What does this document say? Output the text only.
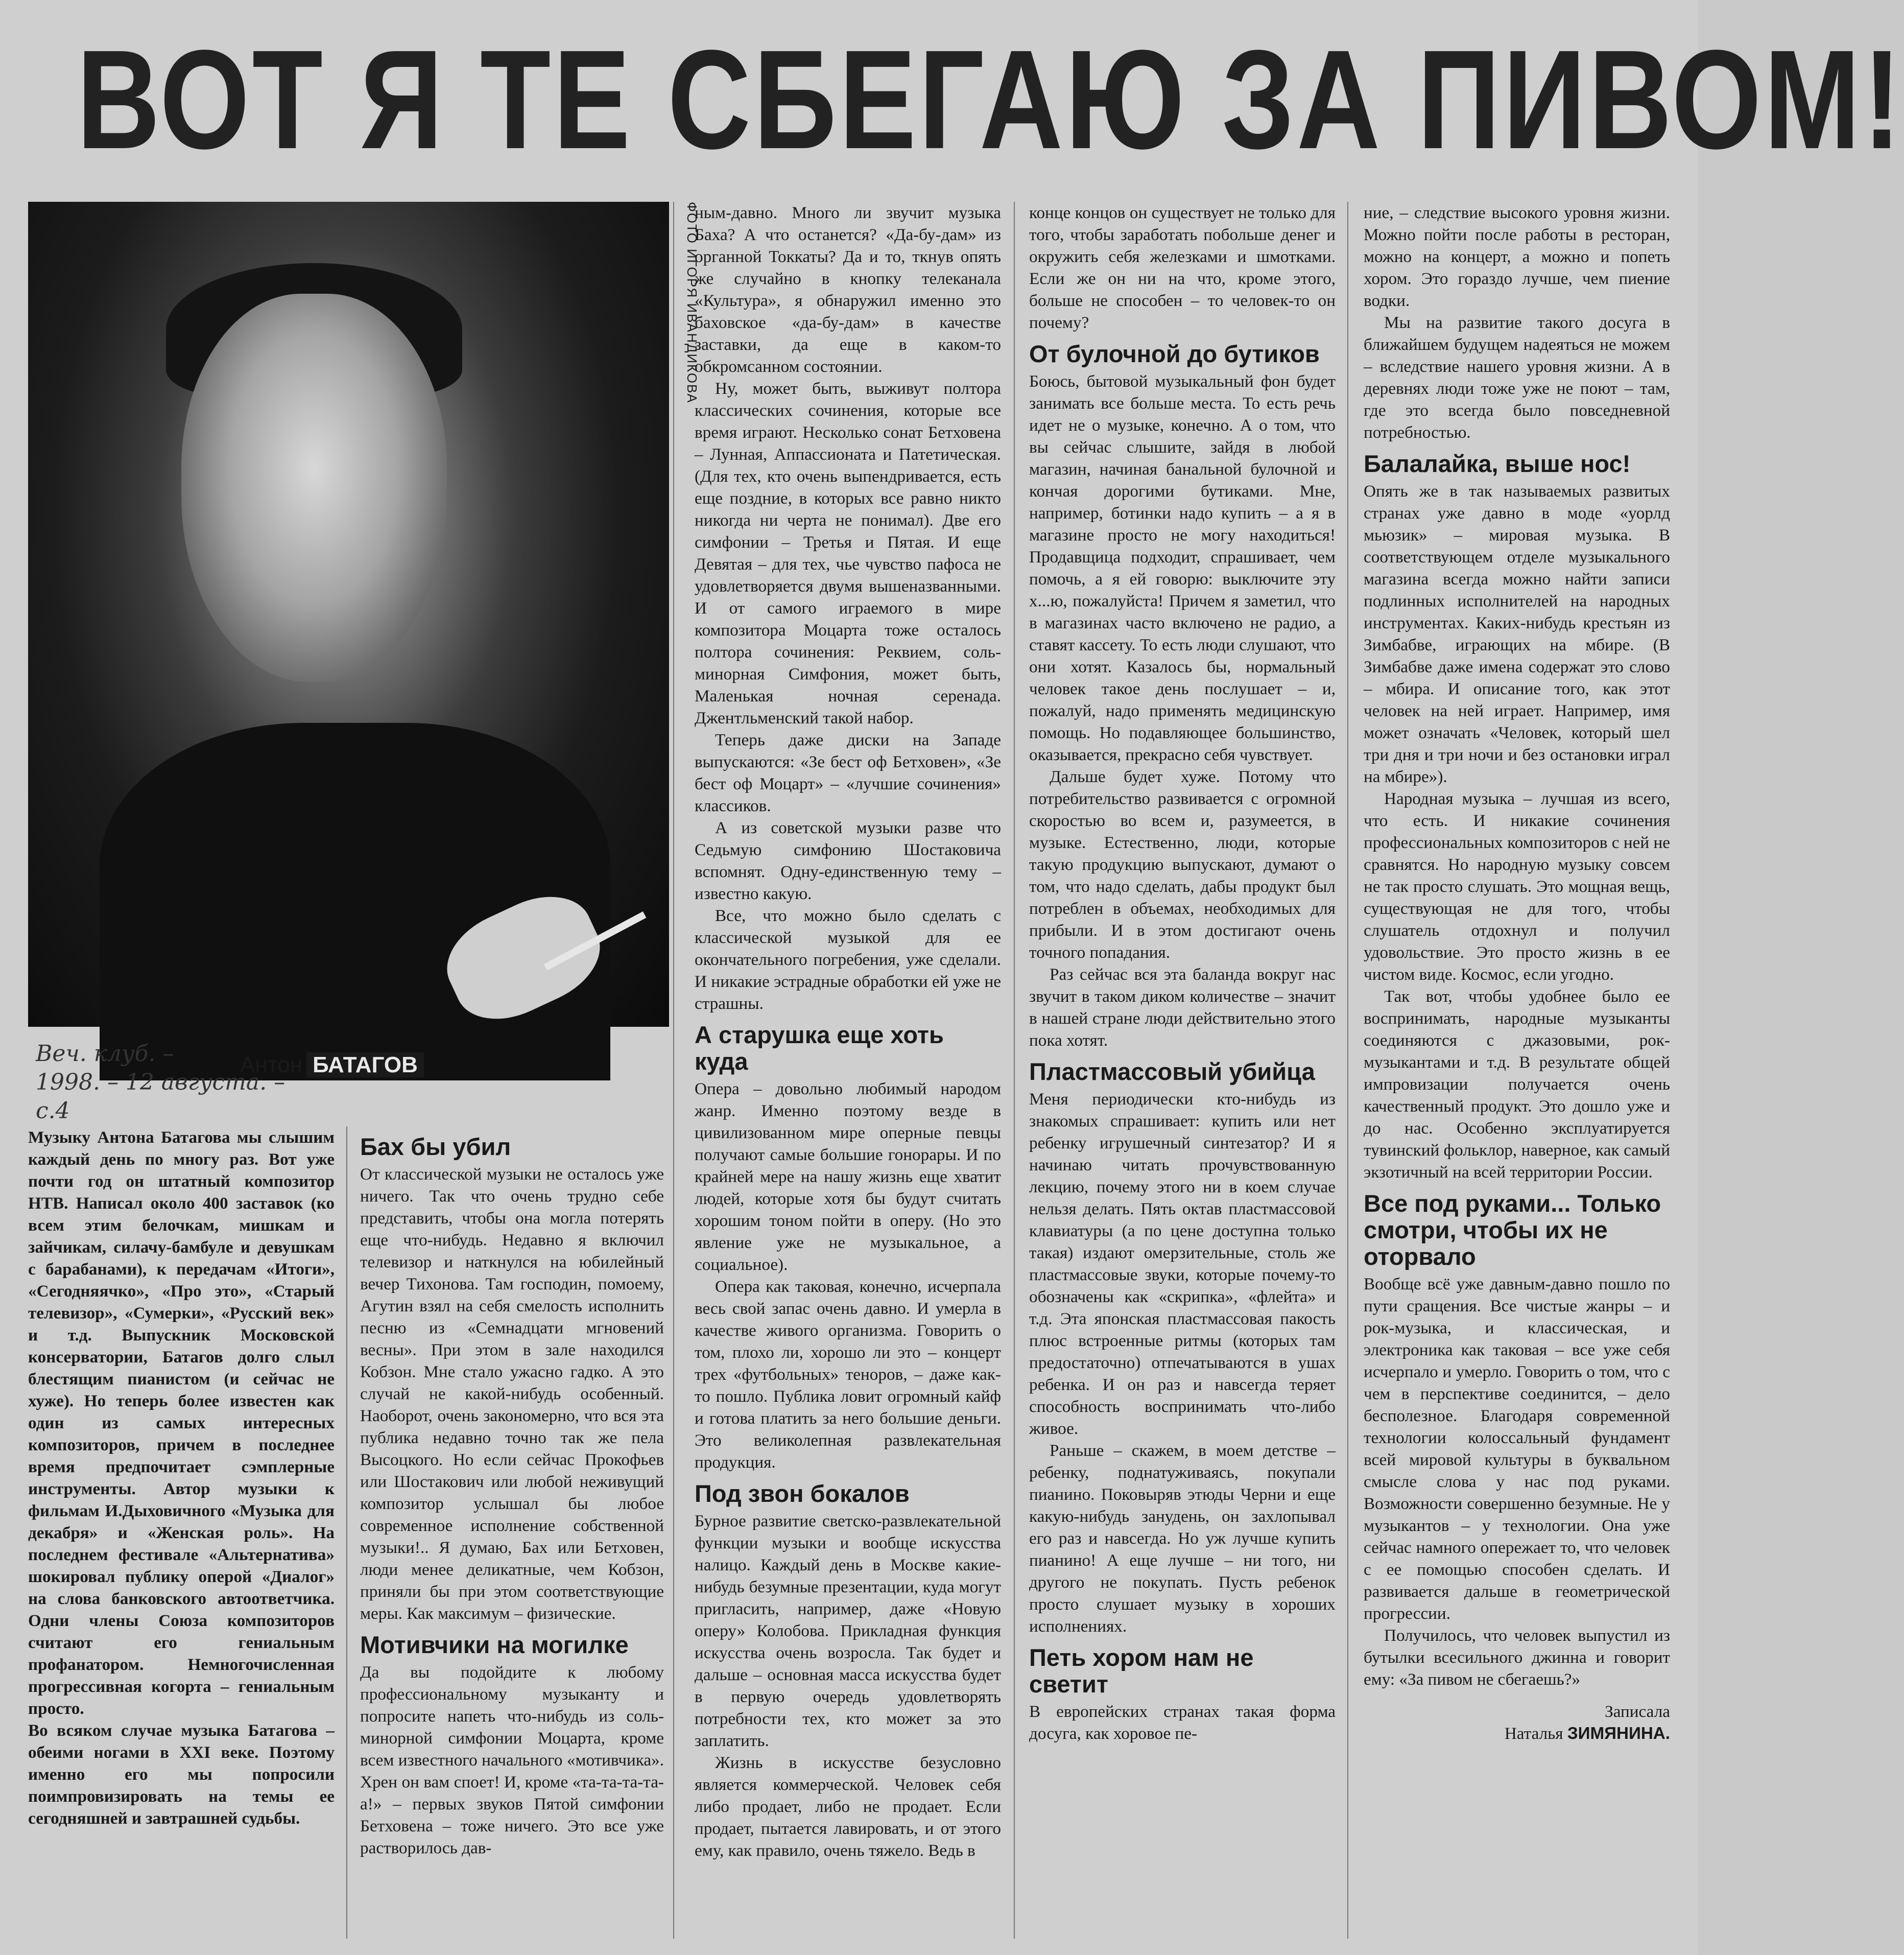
ВОТ Я ТЕ СБЕГАЮ ЗА ПИВОМ!
ФОТО ИГОРЯ ИВАНДИКОВА
Веч. клуб. –
1998. – 12 августа. – с.4
Антон БАТАГОВ

Музыку Антона Батагова мы слышим каждый день по многу раз. Вот уже почти год он штатный композитор НТВ. Написал около 400 заставок (ко всем этим белочкам, мишкам и зайчикам, силачу-бамбуле и девушкам с барабанами), к передачам «Итоги», «Сегодняячко», «Про это», «Старый телевизор», «Сумерки», «Русский век» и т.д. Выпускник Московской консерватории, Батагов долго слыл блестящим пианистом (и сейчас не хуже). Но теперь более известен как один из самых интересных композиторов, причем в последнее время предпочитает сэмплерные инструменты. Автор музыки к фильмам И.Дыховичного «Музыка для декабря» и «Женская роль». На последнем фестивале «Альтернатива» шокировал публику оперой «Диалог» на слова банковского автоответчика. Одни члены Союза композиторов считают его гениальным профанатором. Немногочисленная прогрессивная когорта – гениальным просто.

Во всяком случае музыка Батагова – обеими ногами в XXI веке. Поэтому именно его мы попросили поимпровизировать на темы ее сегодняшней и завтрашней судьбы.

Бах бы убил

От классической музыки не осталось уже ничего. Так что очень трудно себе представить, чтобы она могла потерять еще что-нибудь. Недавно я включил телевизор и наткнулся на юбилейный вечер Тихонова. Там господин, помоему, Агутин взял на себя смелость исполнить песню из «Семнадцати мгновений весны». При этом в зале находился Кобзон. Мне стало ужасно гадко. А это случай не какой-нибудь особенный. Наоборот, очень закономерно, что вся эта публика недавно точно так же пела Высоцкого. Но если сейчас Прокофьев или Шостакович или любой неживущий композитор услышал бы любое современное исполнение собственной музыки!.. Я думаю, Бах или Бетховен, люди менее деликатные, чем Кобзон, приняли бы при этом соответствующие меры. Как максимум – физические.

Мотивчики на могилке

Да вы подойдите к любому профессиональному музыканту и попросите напеть что-нибудь из соль-минорной симфонии Моцарта, кроме всем известного начального «мотивчика». Хрен он вам споет! И, кроме «та-та-та-та-а!» – первых звуков Пятой симфонии Бетховена – тоже ничего. Это все уже растворилось дав-

ным-давно. Много ли звучит музыка Баха? А что останется? «Да-бу-дам» из органной Токкаты? Да и то, ткнув опять же случайно в кнопку телеканала «Культура», я обнаружил именно это баховское «да-бу-дам» в качестве заставки, да еще в каком-то обкромсанном состоянии.

Ну, может быть, выживут полтора классических сочинения, которые все время играют. Несколько сонат Бетховена – Лунная, Аппассионата и Патетическая. (Для тех, кто очень выпендривается, есть еще поздние, в которых все равно никто никогда ни черта не понимал). Две его симфонии – Третья и Пятая. И еще Девятая – для тех, чье чувство пафоса не удовлетворяется двумя вышеназванными. И от самого играемого в мире композитора Моцарта тоже осталось полтора сочинения: Реквием, соль-минорная Симфония, может быть, Маленькая ночная серенада. Джентльменский такой набор.

Теперь даже диски на Западе выпускаются: «Зе бест оф Бетховен», «Зе бест оф Моцарт» – «лучшие сочинения» классиков.

А из советской музыки разве что Седьмую симфонию Шостаковича вспомнят. Одну-единственную тему – известно какую.

Все, что можно было сделать с классической музыкой для ее окончательного погребения, уже сделали. И никакие эстрадные обработки ей уже не страшны.

А старушка еще хоть куда

Опера – довольно любимый народом жанр. Именно поэтому везде в цивилизованном мире оперные певцы получают самые большие гонорары. И по крайней мере на нашу жизнь еще хватит людей, которые хотя бы будут считать хорошим тоном пойти в оперу. (Но это явление уже не музыкальное, а социальное).

Опера как таковая, конечно, исчерпала весь свой запас очень давно. И умерла в качестве живого организма. Говорить о том, плохо ли, хорошо ли это – концерт трех «футбольных» теноров, – даже как-то пошло. Публика ловит огромный кайф и готова платить за него большие деньги. Это великолепная развлекательная продукция.

Под звон бокалов

Бурное развитие светско-развлекательной функции музыки и вообще искусства налицо. Каждый день в Москве какие-нибудь безумные презентации, куда могут пригласить, например, даже «Новую оперу» Колобова. Прикладная функция искусства очень возросла. Так будет и дальше – основная масса искусства будет в первую очередь удовлетворять потребности тех, кто может за это заплатить.

Жизнь в искусстве безусловно является коммерческой. Человек себя либо продает, либо не продает. Если продает, пытается лавировать, и от этого ему, как правило, очень тяжело. Ведь в

конце концов он существует не только для того, чтобы заработать побольше денег и окружить себя железками и шмотками. Если же он ни на что, кроме этого, больше не способен – то человек-то он почему?

От булочной до бутиков

Боюсь, бытовой музыкальный фон будет занимать все больше места. То есть речь идет не о музыке, конечно. А о том, что вы сейчас слышите, зайдя в любой магазин, начиная банальной булочной и кончая дорогими бутиками. Мне, например, ботинки надо купить – а я в магазине просто не могу находиться! Продавщица подходит, спрашивает, чем помочь, а я ей говорю: выключите эту х...ю, пожалуйста! Причем я заметил, что в магазинах часто включено не радио, а ставят кассету. То есть люди слушают, что они хотят. Казалось бы, нормальный человек такое день послушает – и, пожалуй, надо применять медицинскую помощь. Но подавляющее большинство, оказывается, прекрасно себя чувствует.

Дальше будет хуже. Потому что потребительство развивается с огромной скоростью во всем и, разумеется, в музыке. Естественно, люди, которые такую продукцию выпускают, думают о том, что надо сделать, дабы продукт был потреблен в объемах, необходимых для прибыли. И в этом достигают очень точного попадания.

Раз сейчас вся эта баланда вокруг нас звучит в таком диком количестве – значит в нашей стране люди действительно этого пока хотят.

Пластмассовый убийца

Меня периодически кто-нибудь из знакомых спрашивает: купить или нет ребенку игрушечный синтезатор? И я начинаю читать прочувствованную лекцию, почему этого ни в коем случае нельзя делать. Пять октав пластмассовой клавиатуры (а по цене доступна только такая) издают омерзительные, столь же пластмассовые звуки, которые почему-то обозначены как «скрипка», «флейта» и т.д. Эта японская пластмассовая пакость плюс встроенные ритмы (которых там предостаточно) отпечатываются в ушах ребенка. И он раз и навсегда теряет способность воспринимать что-либо живое.

Раньше – скажем, в моем детстве – ребенку, поднатуживаясь, покупали пианино. Поковыряв этюды Черни и еще какую-нибудь занудень, он захлопывал его раз и навсегда. Но уж лучше купить пианино! А еще лучше – ни того, ни другого не покупать. Пусть ребенок просто слушает музыку в хороших исполнениях.

Петь хором нам не светит

В европейских странах такая форма досуга, как хоровое пе-

ние, – следствие высокого уровня жизни. Можно пойти после работы в ресторан, можно на концерт, а можно и попеть хором. Это гораздо лучше, чем пиение водки.

Мы на развитие такого досуга в ближайшем будущем надеяться не можем – вследствие нашего уровня жизни. А в деревнях люди тоже уже не поют – там, где это всегда было повседневной потребностью.

Балалайка, выше нос!

Опять же в так называемых развитых странах уже давно в моде «уорлд мьюзик» – мировая музыка. В соответствующем отделе музыкального магазина всегда можно найти записи подлинных исполнителей на народных инструментах. Каких-нибудь крестьян из Зимбабве, играющих на мбире. (В Зимбабве даже имена содержат это слово – мбира. И описание того, как этот человек на ней играет. Например, имя может означать «Человек, который шел три дня и три ночи и без остановки играл на мбире»).

Народная музыка – лучшая из всего, что есть. И никакие сочинения профессиональных композиторов с ней не сравнятся. Но народную музыку совсем не так просто слушать. Это мощная вещь, существующая не для того, чтобы слушатель отдохнул и получил удовольствие. Это просто жизнь в ее чистом виде. Космос, если угодно.

Так вот, чтобы удобнее было ее воспринимать, народные музыканты соединяются с джазовыми, рок-музыкантами и т.д. В результате общей импровизации получается очень качественный продукт. Это дошло уже и до нас. Особенно эксплуатируется тувинский фольклор, наверное, как самый экзотичный на всей территории России.

Все под руками... Только смотри, чтобы их не оторвало

Вообще всё уже давным-давно пошло по пути сращения. Все чистые жанры – и рок-музыка, и классическая, и электроника как таковая – все уже себя исчерпало и умерло. Говорить о том, что с чем в перспективе соединится, – дело бесполезное. Благодаря современной технологии колоссальный фундамент всей мировой культуры в буквальном смысле слова у нас под руками. Возможности совершенно безумные. Не у музыкантов – у технологии. Она уже сейчас намного опережает то, что человек с ее помощью способен сделать. И развивается дальше в геометрической прогрессии.

Получилось, что человек выпустил из бутылки всесильного джинна и говорит ему: «За пивом не сбегаешь?»

Записала
Наталья ЗИМЯНИНА.
